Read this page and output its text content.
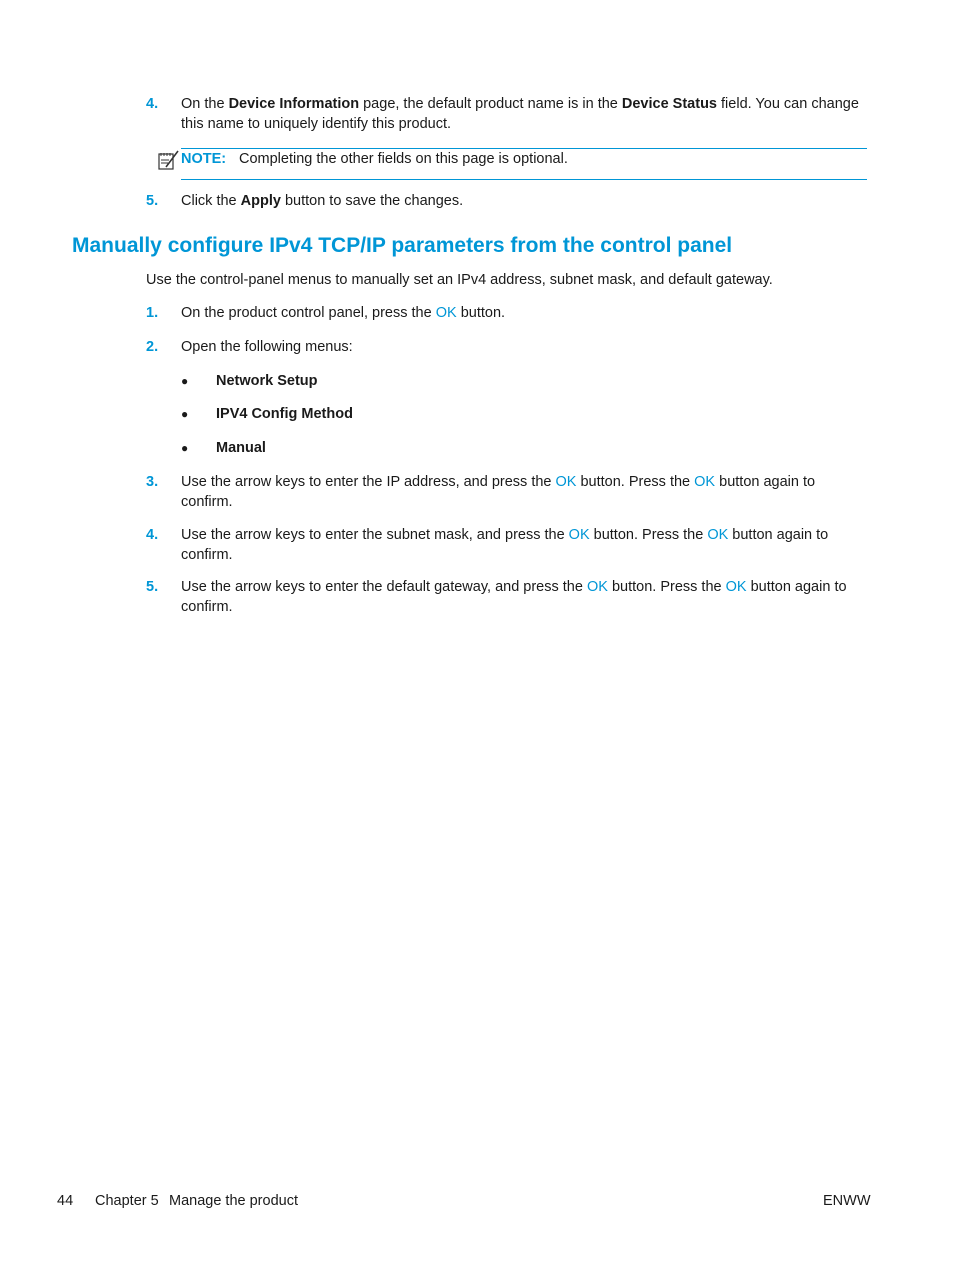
4. On the Device Information page, the default product name is in the Device Status field. You can change this name to uniquely identify this product.
NOTE: Completing the other fields on this page is optional.
5. Click the Apply button to save the changes.
Manually configure IPv4 TCP/IP parameters from the control panel
Use the control-panel menus to manually set an IPv4 address, subnet mask, and default gateway.
1. On the product control panel, press the OK button.
2. Open the following menus:
● Network Setup
● IPV4 Config Method
● Manual
3. Use the arrow keys to enter the IP address, and press the OK button. Press the OK button again to confirm.
4. Use the arrow keys to enter the subnet mask, and press the OK button. Press the OK button again to confirm.
5. Use the arrow keys to enter the default gateway, and press the OK button. Press the OK button again to confirm.
44 Chapter 5 Manage the product	ENWW
